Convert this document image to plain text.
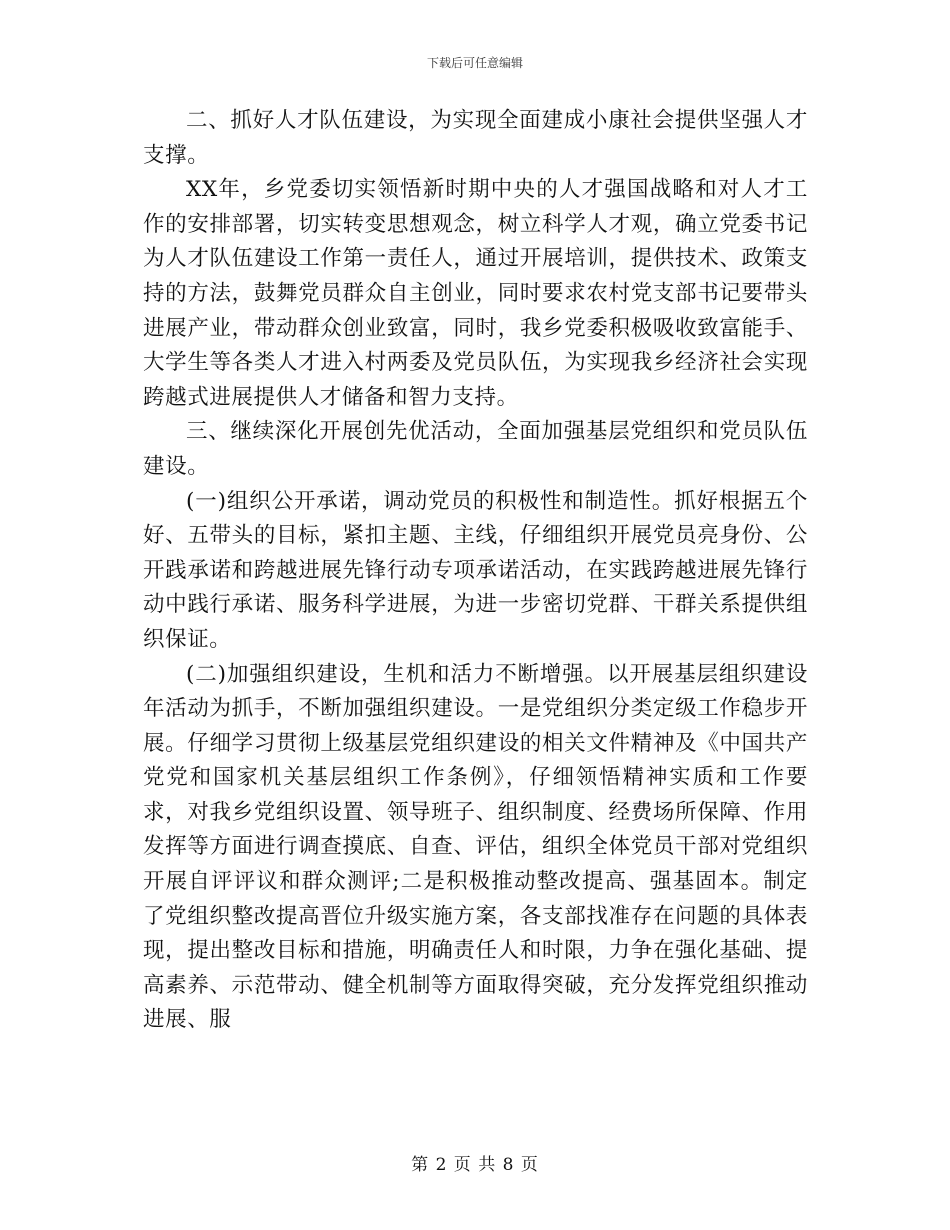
下载后可任意编辑

二、抓好人才队伍建设，为实现全面建成小康社会提供坚强人才支撑。

XX年，乡党委切实领悟新时期中央的人才强国战略和对人才工作的安排部署，切实转变思想观念，树立科学人才观，确立党委书记为人才队伍建设工作第一责任人，通过开展培训，提供技术、政策支持的方法，鼓舞党员群众自主创业，同时要求农村党支部书记要带头进展产业，带动群众创业致富，同时，我乡党委积极吸收致富能手、大学生等各类人才进入村两委及党员队伍，为实现我乡经济社会实现跨越式进展提供人才储备和智力支持。

三、继续深化开展创先优活动，全面加强基层党组织和党员队伍建设。

(一)组织公开承诺，调动党员的积极性和制造性。抓好根据五个好、五带头的目标，紧扣主题、主线，仔细组织开展党员亮身份、公开践承诺和跨越进展先锋行动专项承诺活动，在实践跨越进展先锋行动中践行承诺、服务科学进展，为进一步密切党群、干群关系提供组织保证。

(二)加强组织建设，生机和活力不断增强。以开展基层组织建设年活动为抓手，不断加强组织建设。一是党组织分类定级工作稳步开展。仔细学习贯彻上级基层党组织建设的相关文件精神及《中国共产党党和国家机关基层组织工作条例》，仔细领悟精神实质和工作要求，对我乡党组织设置、领导班子、组织制度、经费场所保障、作用发挥等方面进行调查摸底、自查、评估，组织全体党员干部对党组织开展自评评议和群众测评;二是积极推动整改提高、强基固本。制定了党组织整改提高晋位升级实施方案，各支部找准存在问题的具体表现，提出整改目标和措施，明确责任人和时限，力争在强化基础、提高素养、示范带动、健全机制等方面取得突破，充分发挥党组织推动进展、服

第 2 页 共 8 页
